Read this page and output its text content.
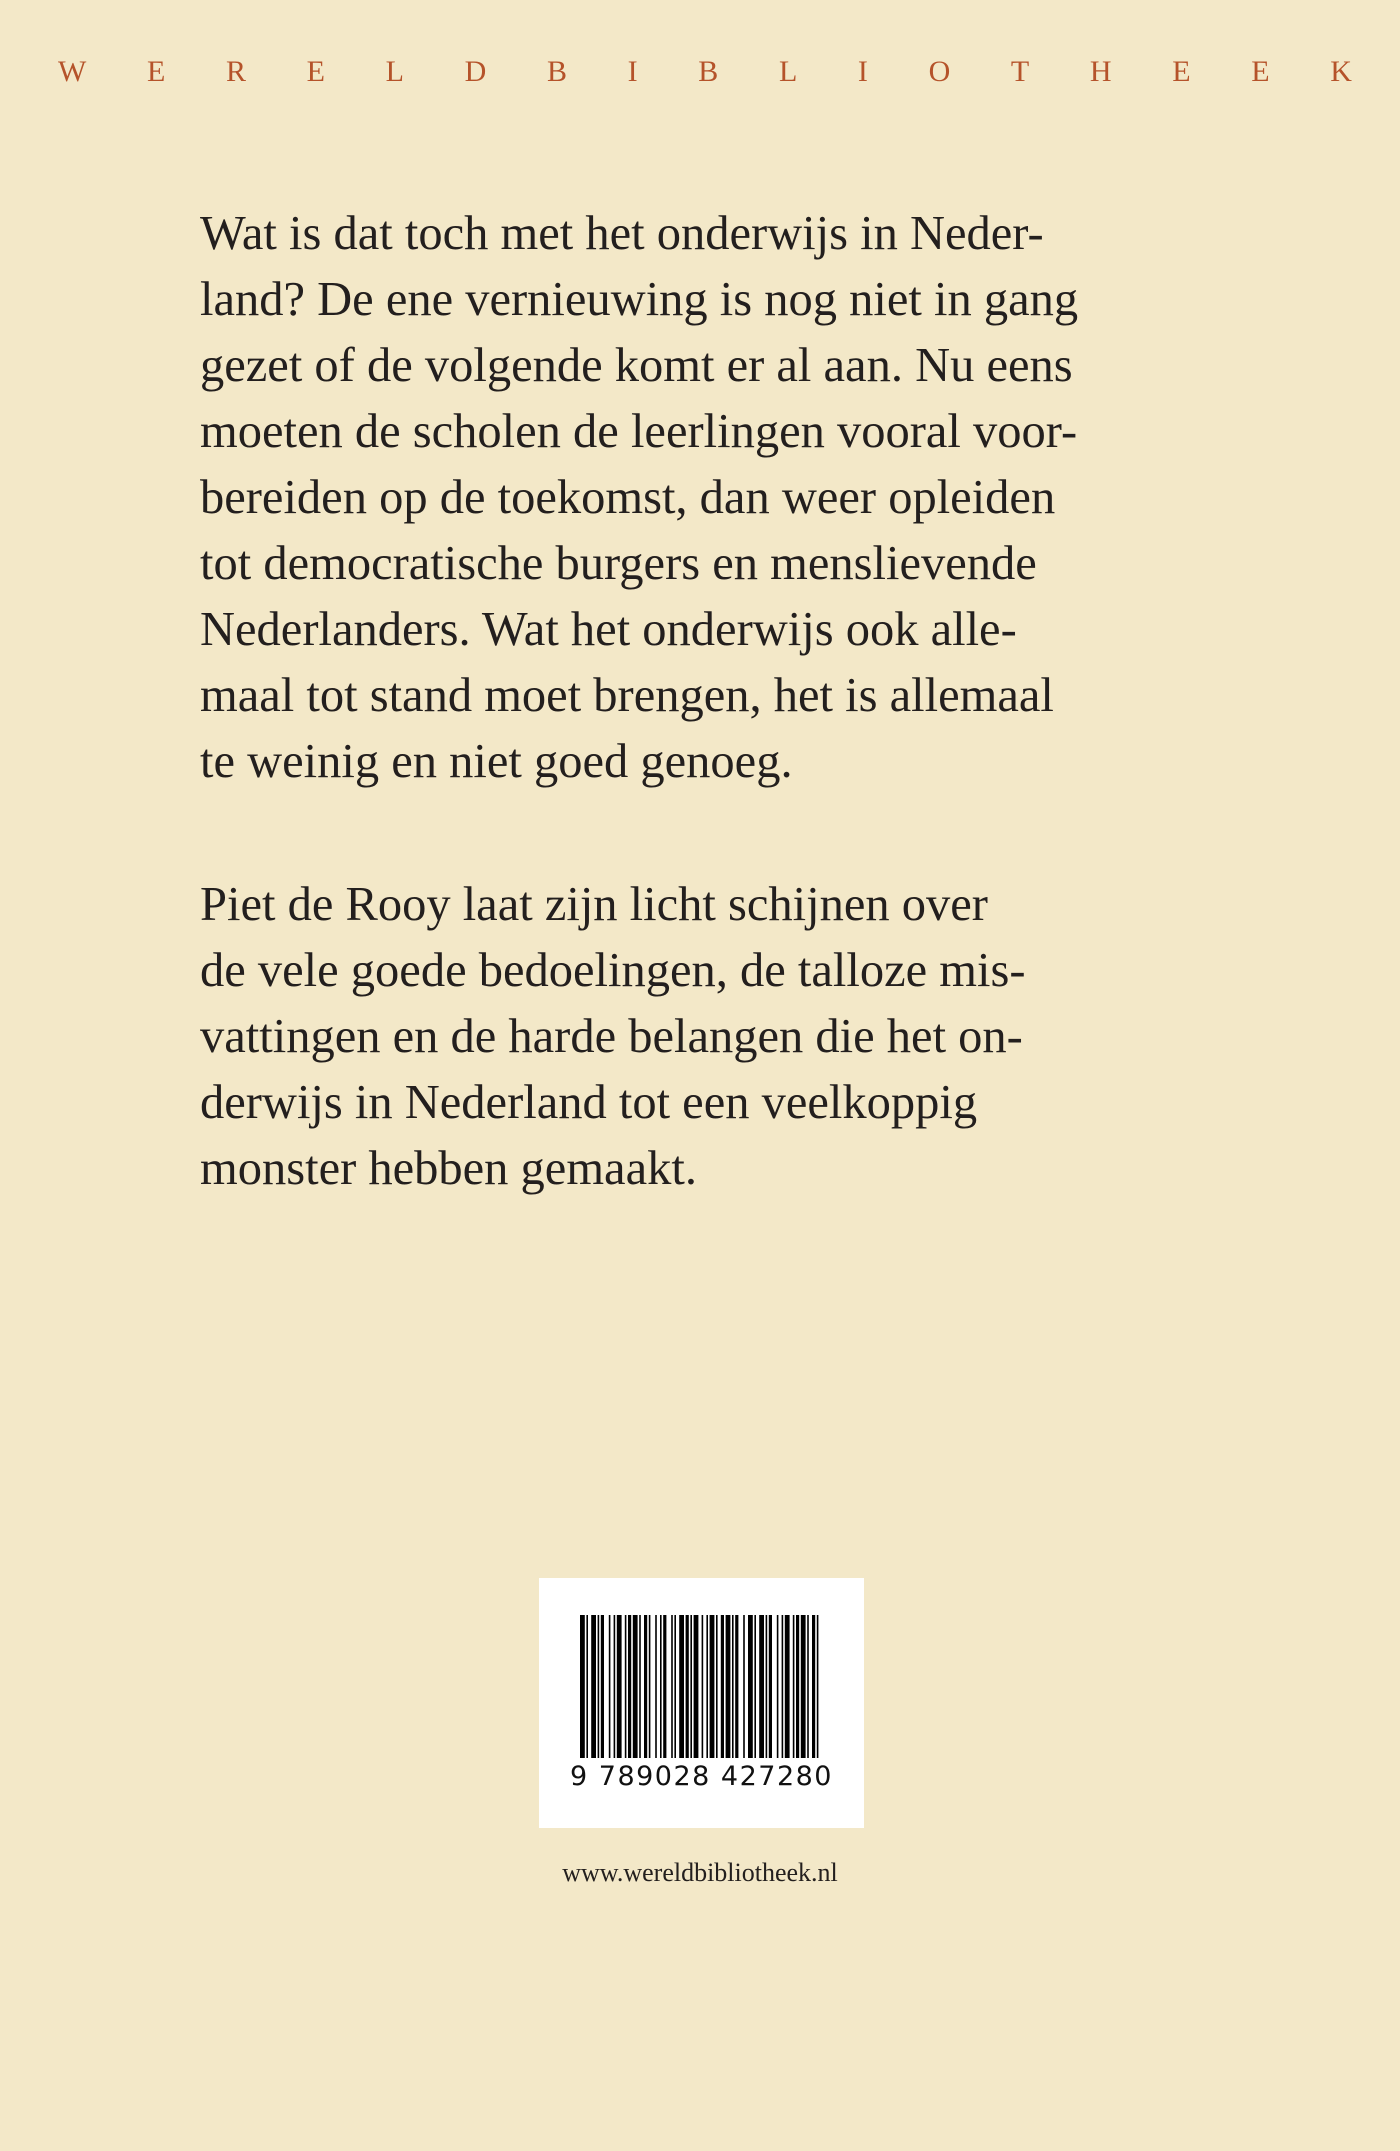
W E R E L D B I B L I O T H E E K

Wat is dat toch met het onderwijs in Neder-
land? De ene vernieuwing is nog niet in gang
gezet of de volgende komt er al aan. Nu eens
moeten de scholen de leerlingen vooral voor-
bereiden op de toekomst, dan weer opleiden
tot democratische burgers en menslievende
Nederlanders. Wat het onderwijs ook alle-
maal tot stand moet brengen, het is allemaal
te weinig en niet goed genoeg.

Piet de Rooy laat zijn licht schijnen over
de vele goede bedoelingen, de talloze mis-
vattingen en de harde belangen die het on-
derwijs in Nederland tot een veelkoppig
monster hebben gemaakt.

9 789028 427280
www.wereldbibliotheek.nl
